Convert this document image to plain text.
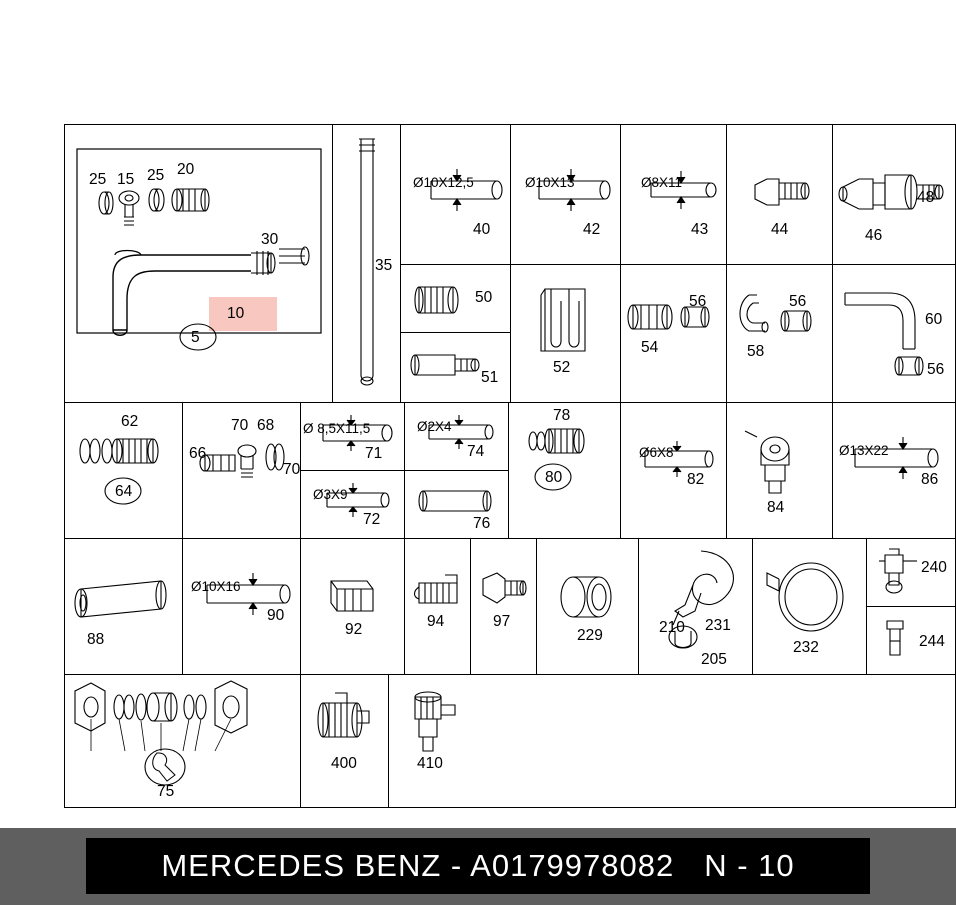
25 15 25 20
30
10
5
35
Ø10X12,5
40
Ø10X13
42
Ø8X11
43	44	46
48
50
51
52
54
56
58
56
60
56
62
64
66
70 68
70
Ø 8,5X11,5
71
Ø3X9
72
Ø2X4
74
76
78
80
Ø6X8
82
84
Ø13X22
86
88
Ø10X16
90
92	94	97
229	210 231
205
232
240
244
75
400	410
MERCEDES BENZ - A0179978082 N - 10
